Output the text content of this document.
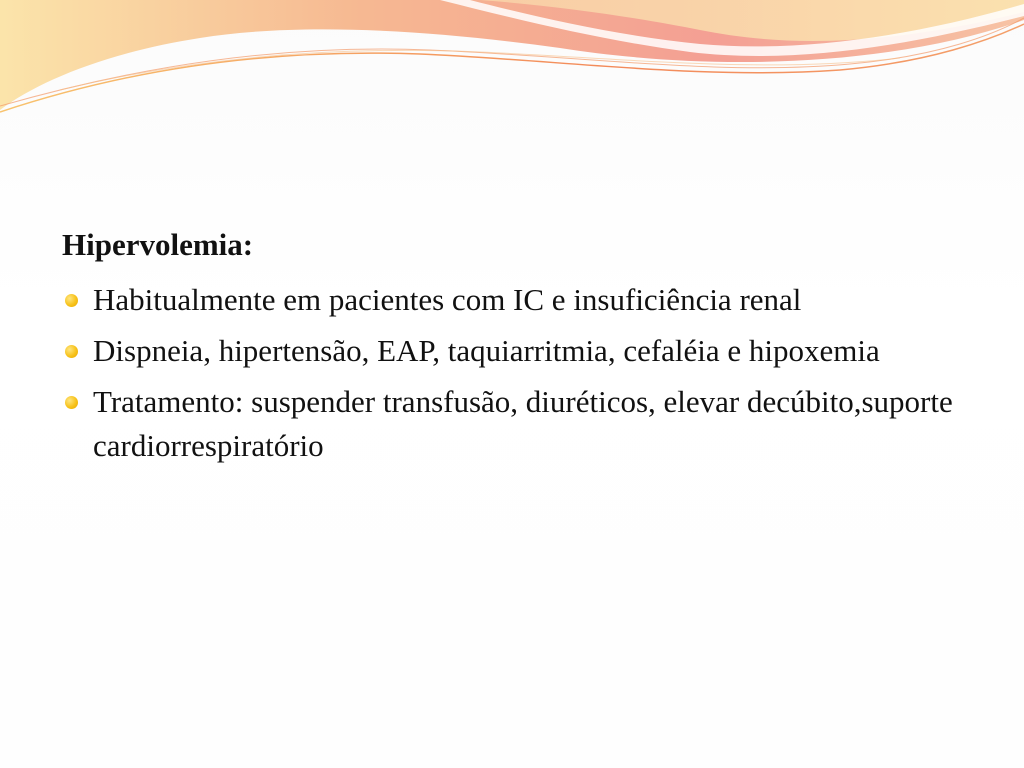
Hipervolemia:
Habitualmente em pacientes com IC e insuficiência renal
Dispneia, hipertensão, EAP, taquiarritmia, cefaléia e hipoxemia
Tratamento: suspender transfusão, diuréticos, elevar decúbito,suporte cardiorrespiratório
